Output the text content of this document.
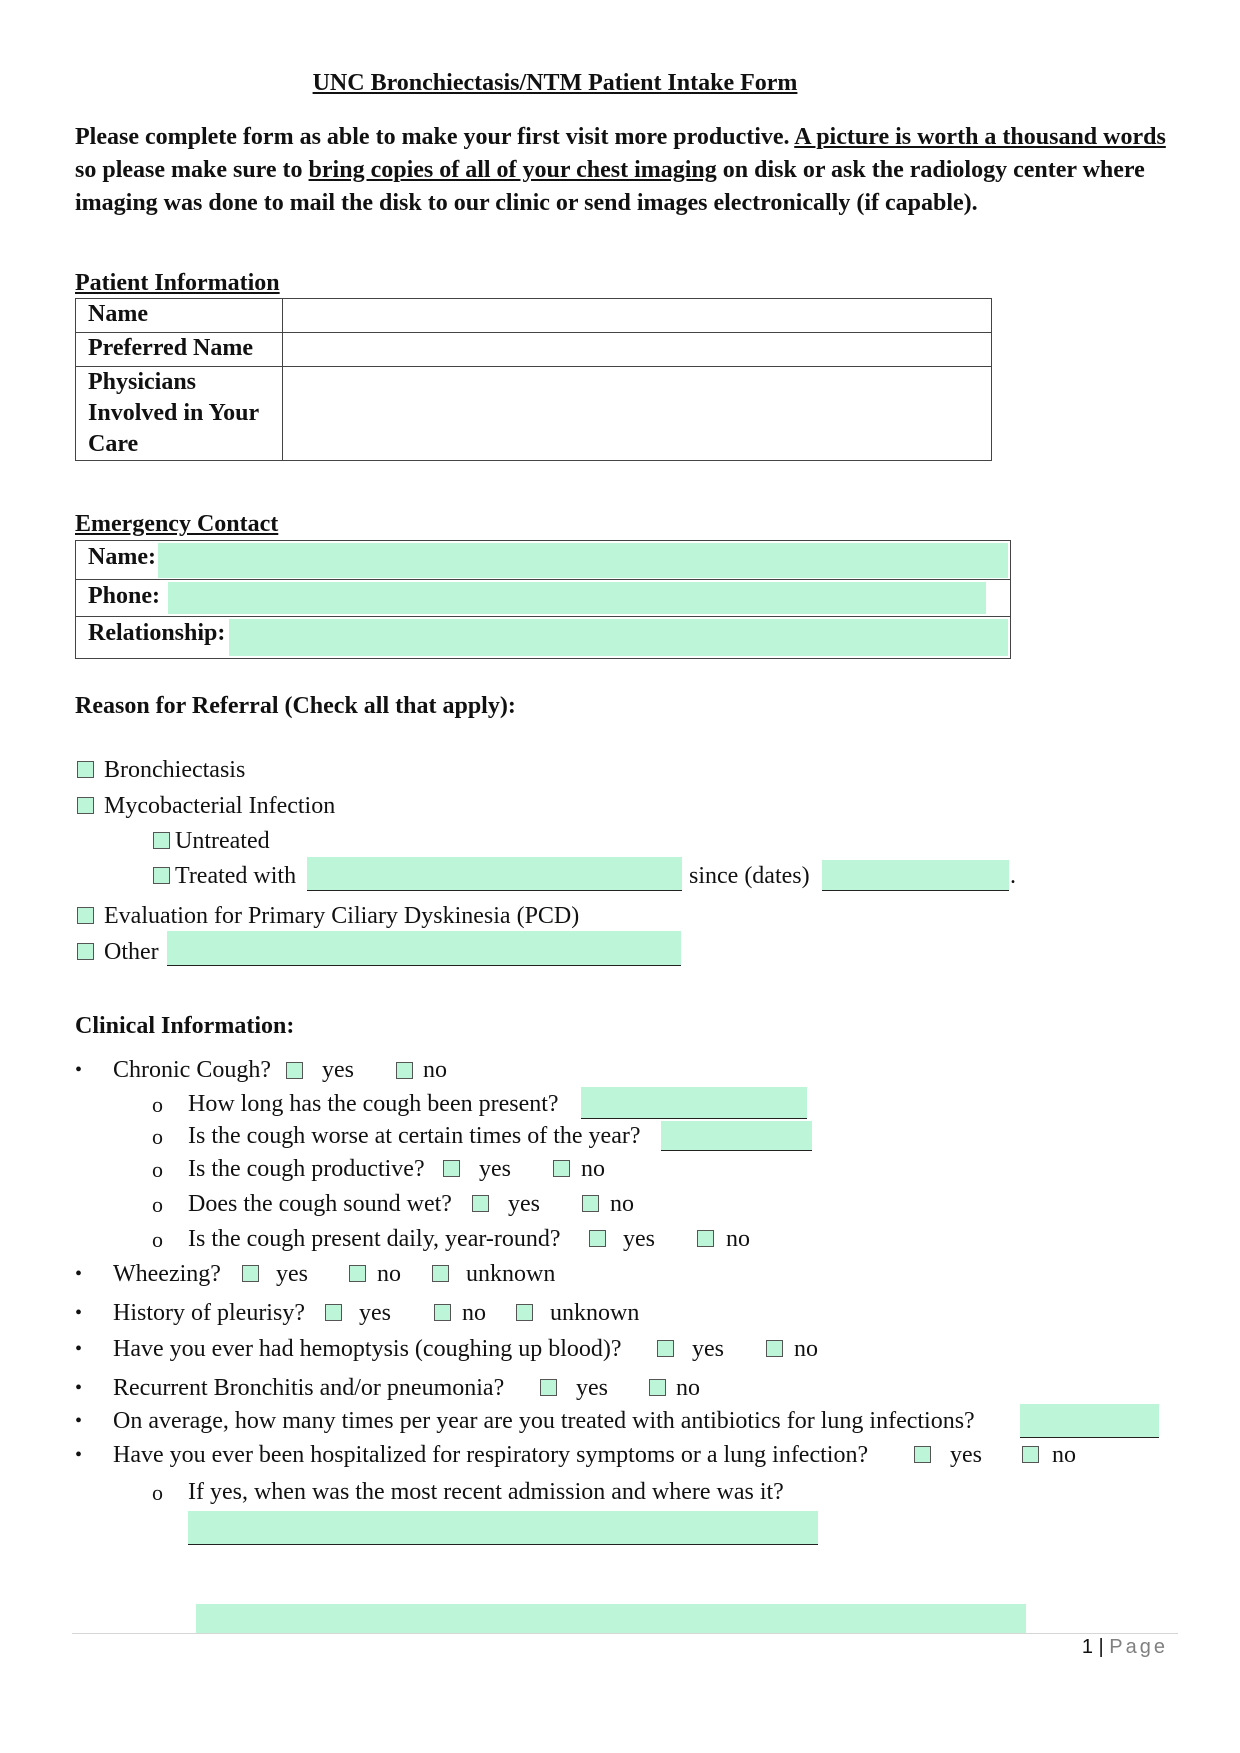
UNC Bronchiectasis/NTM Patient Intake Form
Please complete form as able to make your first visit more productive. A picture is worth a thousand words so please make sure to bring copies of all of your chest imaging on disk or ask the radiology center where imaging was done to mail the disk to our clinic or send images electronically (if capable).
Patient Information
Name	

Preferred Name	

Physicians Involved in Your Care	
Emergency Contact
Name:
Phone:
Relationship:
Reason for Referral (Check all that apply):
Bronchiectasis
Mycobacterial Infection
Untreated
Treated with	since (dates)	.
Evaluation for Primary Ciliary Dyskinesia (PCD)
Other
Clinical Information:
• Chronic Cough? yes	no
o How long has the cough been present?
o Is the cough worse at certain times of the year?
o Is the cough productive? yes	no
o Does the cough sound wet? yes	no
o Is the cough present daily, year-round?	yes	no
• Wheezing? yes	no	unknown
• History of pleurisy? yes	no	unknown
• Have you ever had hemoptysis (coughing up blood)?	yes	no
• Recurrent Bronchitis and/or pneumonia?	yes	no
• On average, how many times per year are you treated with antibiotics for lung infections?
• Have you ever been hospitalized for respiratory symptoms or a lung infection?	yes	no
o If yes, when was the most recent admission and where was it?
1 | Page
